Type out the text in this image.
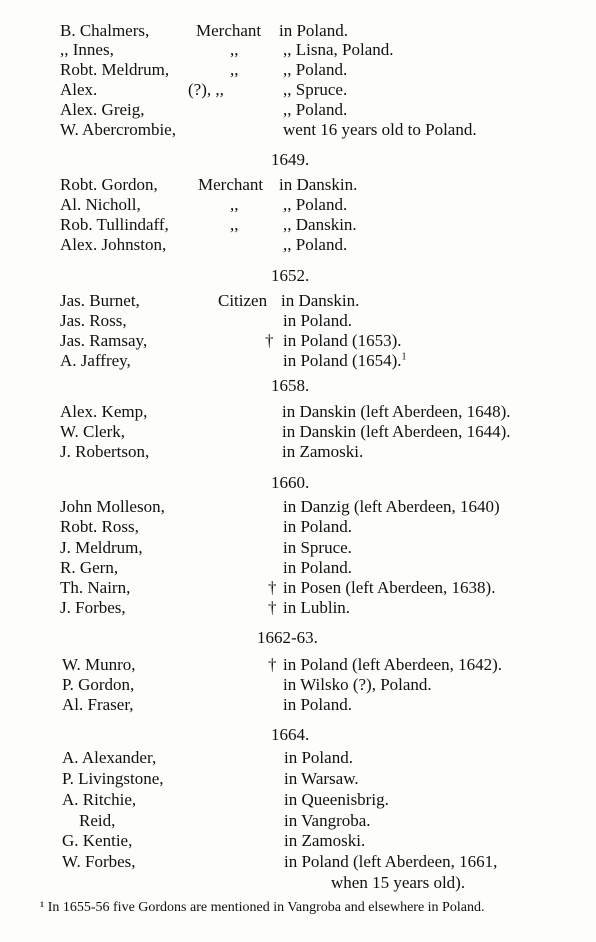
B. Chalmers,	Merchant in Poland.
,, Innes,	,,	,, Lisna, Poland.
Robt. Meldrum,	,,	,, Poland.
Alex.	(?), ,,	,, Spruce.
Alex. Greig,	,, Poland.
W. Abercrombie,	went 16 years old to Poland.
1649.
Robt. Gordon, Merchant in Danskin.
Al. Nicholl,	,,	,, Poland.
Rob. Tullindaff,	,,	,, Danskin.
Alex. Johnston,	,, Poland.
1652.
Jas. Burnet,	Citizen in Danskin.
Jas. Ross,	in Poland.
Jas. Ramsay,	† in Poland (1653).
A. Jaffrey,	in Poland (1654).$^1$
1658.
Alex. Kemp,	in Danskin (left Aberdeen, 1648).
W. Clerk,	in Danskin (left Aberdeen, 1644).
J. Robertson,	in Zamoski.
1660.
John Molleson,	in Danzig (left Aberdeen, 1640)
Robt. Ross,	in Poland.
J. Meldrum,	in Spruce.
R. Gern,	in Poland.
Th. Nairn,	† in Posen (left Aberdeen, 1638).
J. Forbes,	† in Lublin.
1662-63.
W. Munro,	† in Poland (left Aberdeen, 1642).
P. Gordon,	in Wilsko (?), Poland.
Al. Fraser,	in Poland.
1664.
A. Alexander,	in Poland.
P. Livingstone,	in Warsaw.
A. Ritchie,	in Queenisbrig.
Reid,	in Vangroba.
G. Kentie,	in Zamoski.
W. Forbes,	in Poland (left Aberdeen, 1661,
when 15 years old).
¹ In 1655-56 five Gordons are mentioned in Vangroba and elsewhere in Poland.
